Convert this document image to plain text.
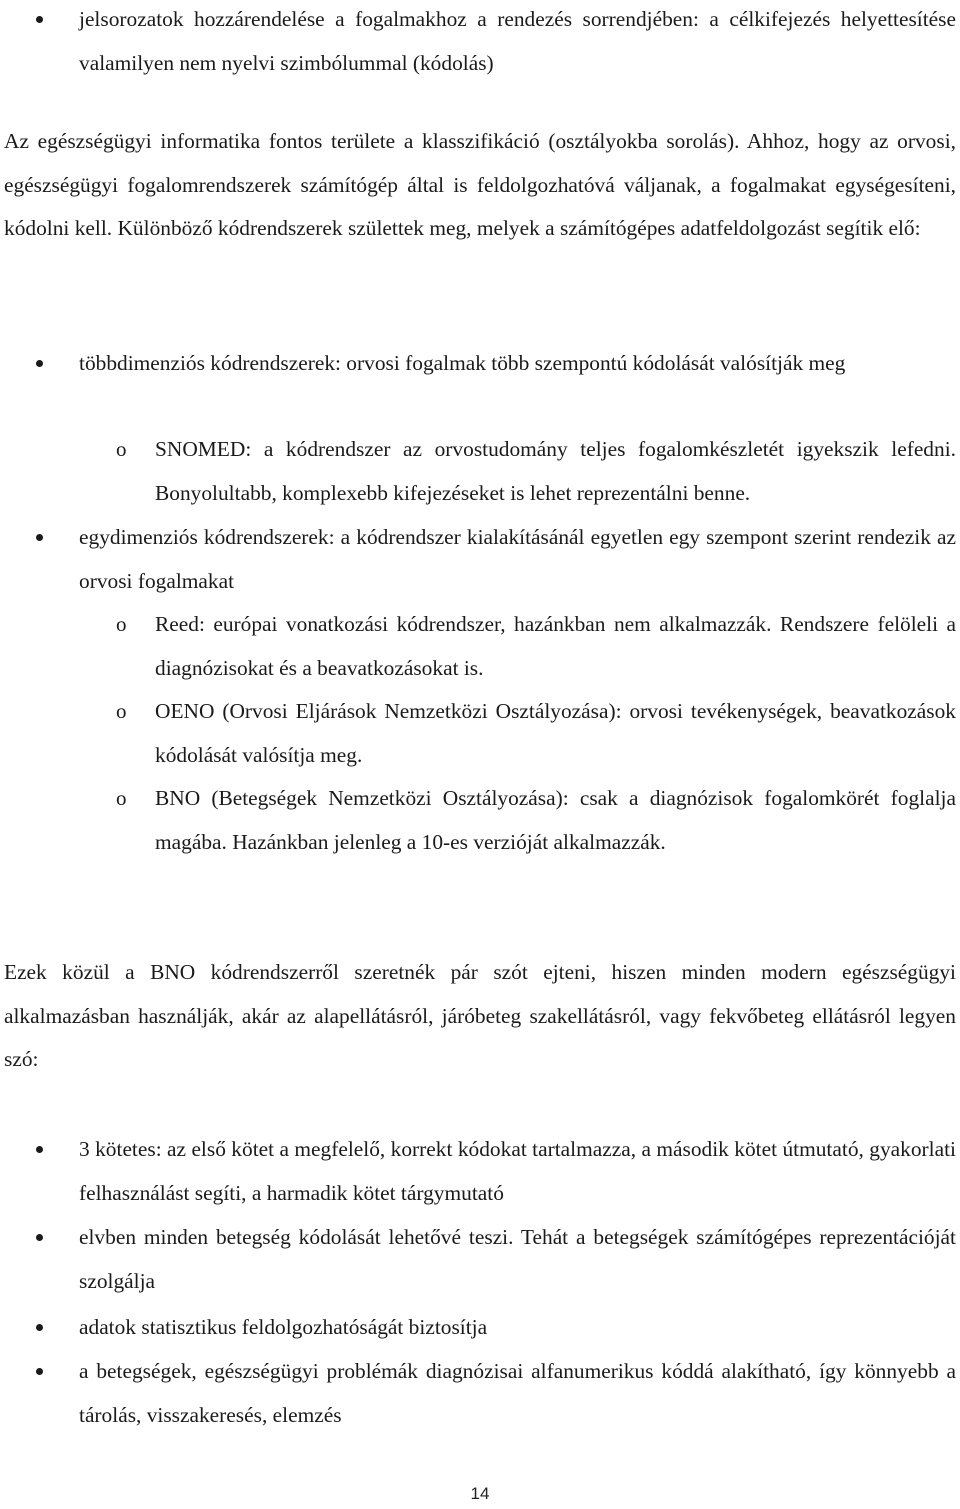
jelsorozatok hozzárendelése a fogalmakhoz a rendezés sorrendjében: a célkifejezés helyettesítése valamilyen nem nyelvi szimbólummal (kódolás)

Az egészségügyi informatika fontos területe a klasszifikáció (osztályokba sorolás). Ahhoz, hogy az orvosi, egészségügyi fogalomrendszerek számítógép által is feldolgozhatóvá váljanak, a fogalmakat egységesíteni, kódolni kell. Különböző kódrendszerek születtek meg, melyek a számítógépes adatfeldolgozást segítik elő:

többdimenziós kódrendszerek: orvosi fogalmak több szempontú kódolását valósítják meg

o SNOMED: a kódrendszer az orvostudomány teljes fogalomkészletét igyekszik lefedni. Bonyolultabb, komplexebb kifejezéseket is lehet reprezentálni benne.

egydimenziós kódrendszerek: a kódrendszer kialakításánál egyetlen egy szempont szerint rendezik az orvosi fogalmakat

o Reed: európai vonatkozási kódrendszer, hazánkban nem alkalmazzák. Rendszere felöleli a diagnózisokat és a beavatkozásokat is.

o OENO (Orvosi Eljárások Nemzetközi Osztályozása): orvosi tevékenységek, beavatkozások kódolását valósítja meg.

o BNO (Betegségek Nemzetközi Osztályozása): csak a diagnózisok fogalomkörét foglalja magába. Hazánkban jelenleg a 10-es verzióját alkalmazzák.

Ezek közül a BNO kódrendszerről szeretnék pár szót ejteni, hiszen minden modern egészségügyi alkalmazásban használják, akár az alapellátásról, járóbeteg szakellátásról, vagy fekvőbeteg ellátásról legyen szó:

3 kötetes: az első kötet a megfelelő, korrekt kódokat tartalmazza, a második kötet útmutató, gyakorlati felhasználást segíti, a harmadik kötet tárgymutató

elvben minden betegség kódolását lehetővé teszi. Tehát a betegségek számítógépes reprezentációját szolgálja

adatok statisztikus feldolgozhatóságát biztosítja

a betegségek, egészségügyi problémák diagnózisai alfanumerikus kóddá alakítható, így könnyebb a tárolás, visszakeresés, elemzés

14
